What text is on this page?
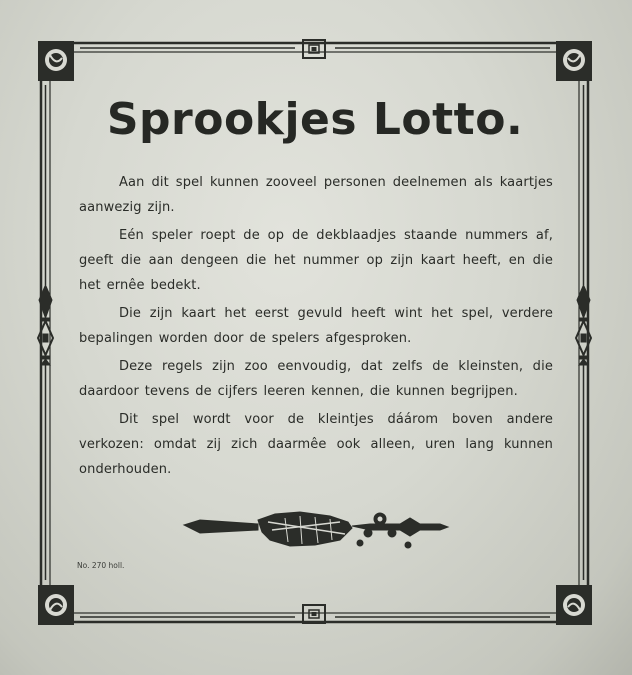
Sprookjes Lotto.

Aan dit spel kunnen zooveel personen deelnemen als kaartjes aanwezig zijn.

Eén speler roept de op de dekblaadjes staande nummers af, geeft die aan dengeen die het nummer op zijn kaart heeft, en die het ernêe bedekt.

Die zijn kaart het eerst gevuld heeft wint het spel, verdere bepalingen worden door de spelers afgesproken.

Deze regels zijn zoo eenvoudig, dat zelfs de kleinsten, die daardoor tevens de cijfers leeren kennen, die kunnen begrijpen.

Dit spel wordt voor de kleintjes dáárom boven andere verkozen: omdat zij zich daarmêe ook alleen, uren lang kunnen onderhouden.

No. 270 holl.
